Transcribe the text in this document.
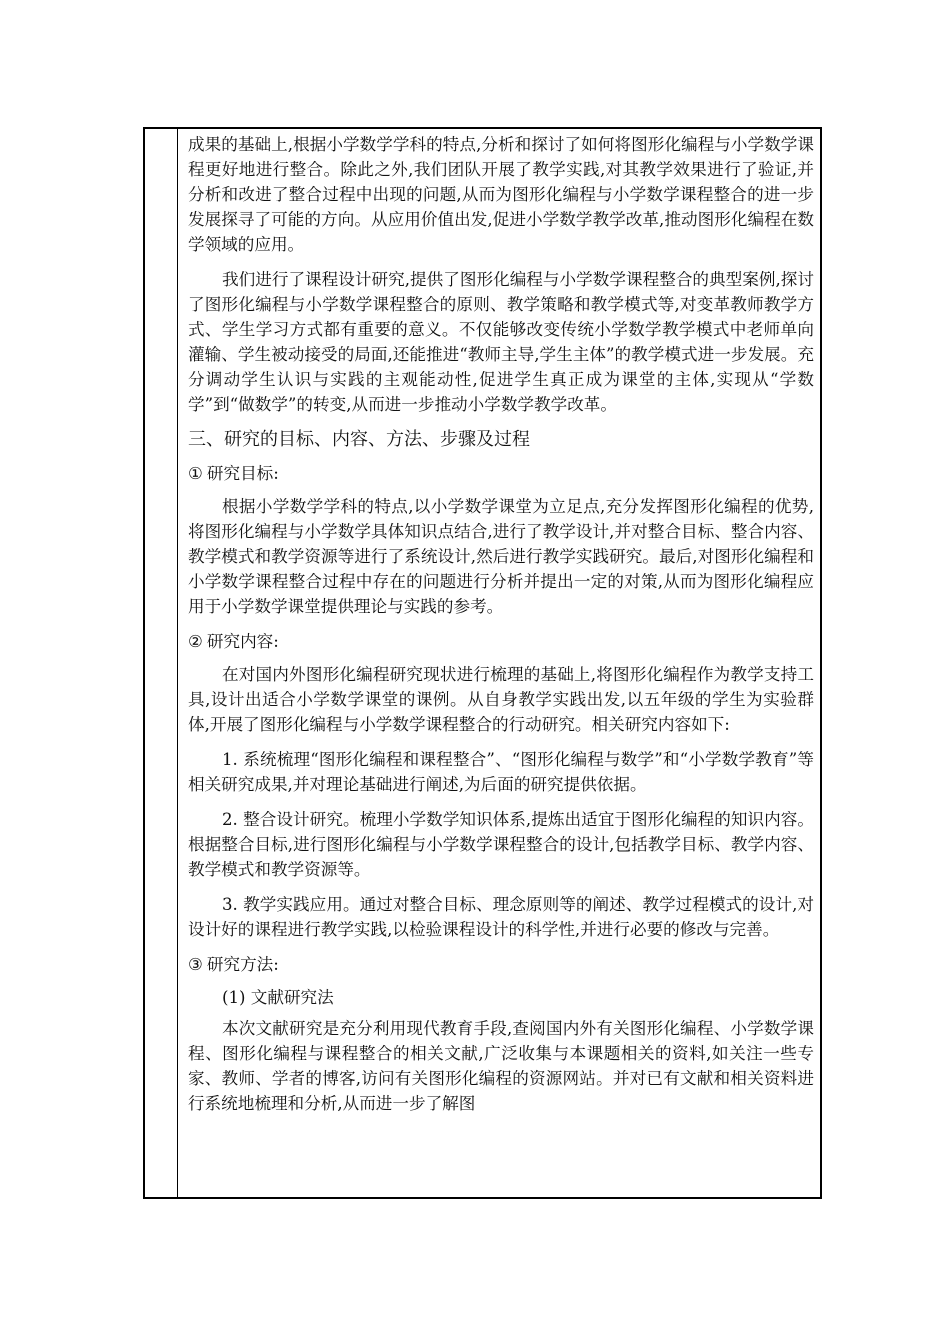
成果的基础上,根据小学数学学科的特点,分析和探讨了如何将图形化编程与小学数学课程更好地进行整合。除此之外,我们团队开展了教学实践,对其教学效果进行了验证,并分析和改进了整合过程中出现的问题,从而为图形化编程与小学数学课程整合的进一步发展探寻了可能的方向。从应用价值出发,促进小学数学教学改革,推动图形化编程在数学领域的应用。

我们进行了课程设计研究,提供了图形化编程与小学数学课程整合的典型案例,探讨了图形化编程与小学数学课程整合的原则、教学策略和教学模式等,对变革教师教学方式、学生学习方式都有重要的意义。不仅能够改变传统小学数学教学模式中老师单向灌输、学生被动接受的局面,还能推进“教师主导,学生主体”的教学模式进一步发展。充分调动学生认识与实践的主观能动性,促进学生真正成为课堂的主体,实现从“学数学”到“做数学”的转变,从而进一步推动小学数学教学改革。

三、研究的目标、内容、方法、步骤及过程

① 研究目标:

根据小学数学学科的特点,以小学数学课堂为立足点,充分发挥图形化编程的优势,将图形化编程与小学数学具体知识点结合,进行了教学设计,并对整合目标、整合内容、教学模式和教学资源等进行了系统设计,然后进行教学实践研究。最后,对图形化编程和小学数学课程整合过程中存在的问题进行分析并提出一定的对策,从而为图形化编程应用于小学数学课堂提供理论与实践的参考。

② 研究内容:

在对国内外图形化编程研究现状进行梳理的基础上,将图形化编程作为教学支持工具,设计出适合小学数学课堂的课例。从自身教学实践出发,以五年级的学生为实验群体,开展了图形化编程与小学数学课程整合的行动研究。相关研究内容如下:

1. 系统梳理“图形化编程和课程整合”、“图形化编程与数学”和“小学数学教育”等相关研究成果,并对理论基础进行阐述,为后面的研究提供依据。

2. 整合设计研究。梳理小学数学知识体系,提炼出适宜于图形化编程的知识内容。根据整合目标,进行图形化编程与小学数学课程整合的设计,包括教学目标、教学内容、教学模式和教学资源等。

3. 教学实践应用。通过对整合目标、理念原则等的阐述、教学过程模式的设计,对设计好的课程进行教学实践,以检验课程设计的科学性,并进行必要的修改与完善。

③ 研究方法:

(1) 文献研究法

本次文献研究是充分利用现代教育手段,查阅国内外有关图形化编程、小学数学课程、图形化编程与课程整合的相关文献,广泛收集与本课题相关的资料,如关注一些专家、教师、学者的博客,访问有关图形化编程的资源网站。并对已有文献和相关资料进行系统地梳理和分析,从而进一步了解图
